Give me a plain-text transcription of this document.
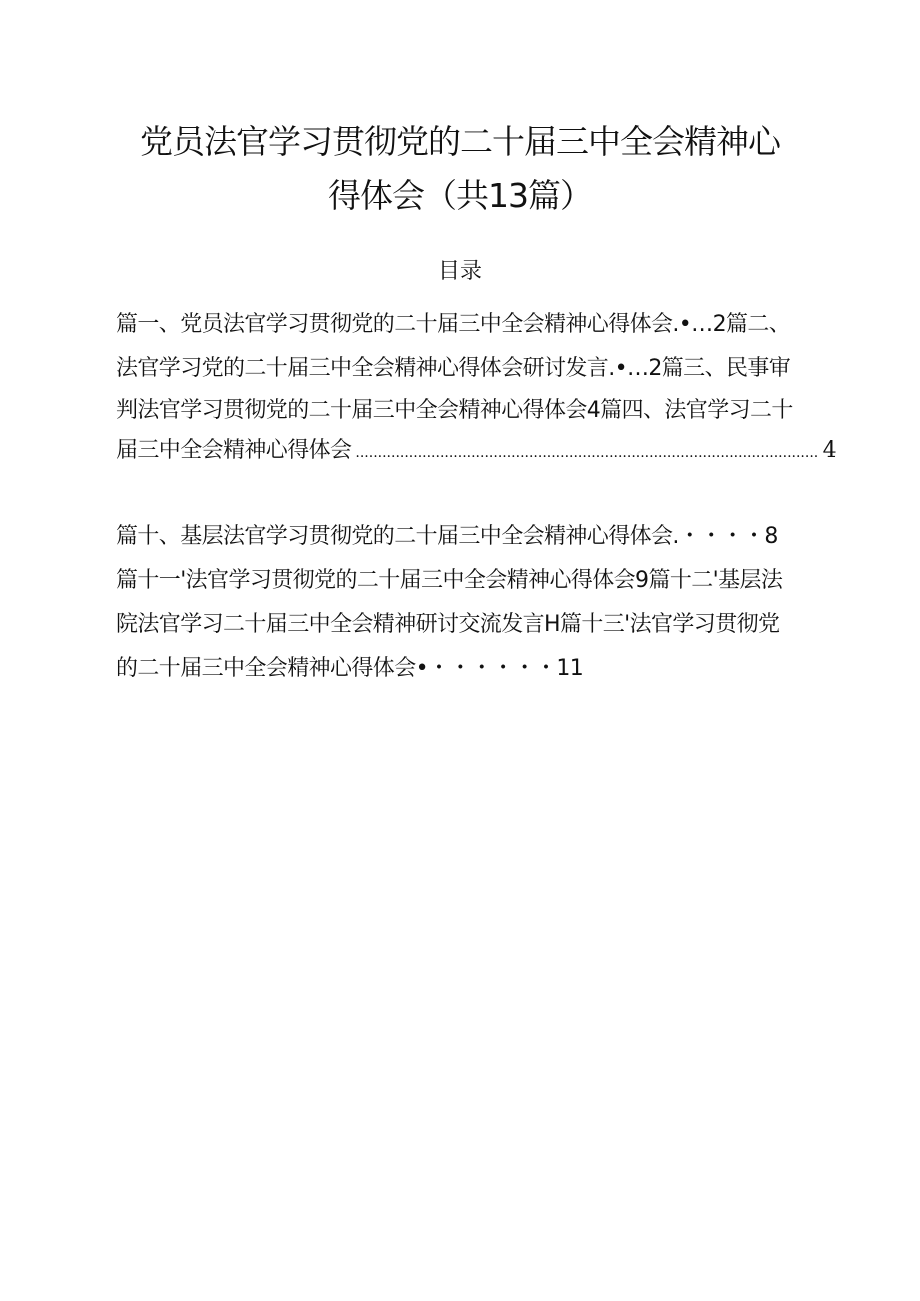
党员法官学习贯彻党的二十届三中全会精神心
得体会（共13篇）
目录
篇一、党员法官学习贯彻党的二十届三中全会精神心得体会.•…2篇二、
法官学习党的二十届三中全会精神心得体会研讨发言.•…2篇三、民事审
判法官学习贯彻党的二十届三中全会精神心得体会4篇四、法官学习二十
届三中全会精神心得体会
.....	4
篇十、基层法官学习贯彻党的二十届三中全会精神心得体会.・・・・8
篇十一'法官学习贯彻党的二十届三中全会精神心得体会9篇十二'基层法
院法官学习二十届三中全会精神研讨交流发言H篇十三'法官学习贯彻党
的二十届三中全会精神心得体会•・・・・・・11
